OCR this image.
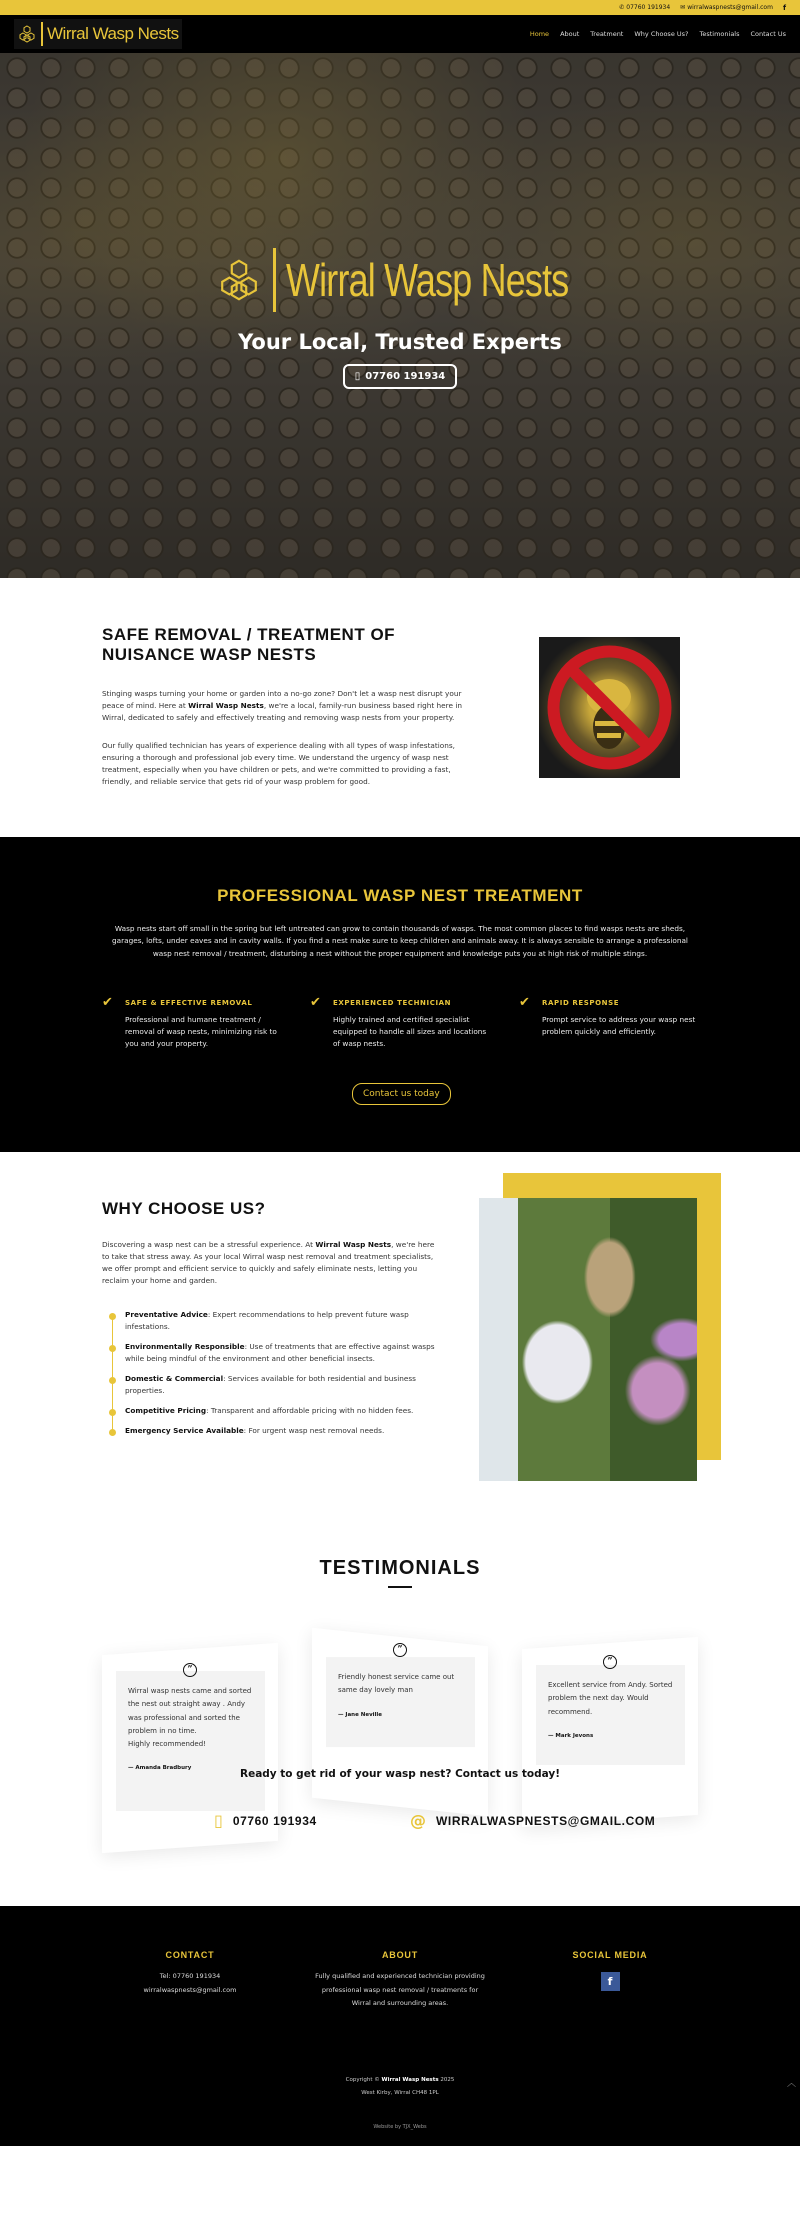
✆ 07760 191934 ✉ wirralwaspnests@gmail.com f
Wirral Wasp Nests	Home About Treatment Why Choose Us? Testimonials Contact Us
Wirral Wasp Nests
Your Local, Trusted Experts
▯ 07760 191934
SAFE REMOVAL / TREATMENT OF NUISANCE WASP NESTS

Stinging wasps turning your home or garden into a no-go zone? Don't let a wasp nest disrupt your peace of mind. Here at Wirral Wasp Nests, we're a local, family-run business based right here in Wirral, dedicated to safely and effectively treating and removing wasp nests from your property.

Our fully qualified technician has years of experience dealing with all types of wasp infestations, ensuring a thorough and professional job every time. We understand the urgency of wasp nest treatment, especially when you have children or pets, and we're committed to providing a fast, friendly, and reliable service that gets rid of your wasp problem for good.

PROFESSIONAL WASP NEST TREATMENT

Wasp nests start off small in the spring but left untreated can grow to contain thousands of wasps. The most common places to find wasps nests are sheds, garages, lofts, under eaves and in cavity walls. If you find a nest make sure to keep children and animals away. It is always sensible to arrange a professional wasp nest removal / treatment, disturbing a nest without the proper equipment and knowledge puts you at high risk of multiple stings.

✔	SAFE & EFFECTIVE REMOVAL
Professional and humane treatment / removal of wasp nests, minimizing risk to you and your property.
✔	EXPERIENCED TECHNICIAN
Highly trained and certified specialist equipped to handle all sizes and locations of wasp nests.
✔	RAPID RESPONSE
Prompt service to address your wasp nest problem quickly and efficiently.
Contact us today
WHY CHOOSE US?

Discovering a wasp nest can be a stressful experience. At Wirral Wasp Nests, we're here to take that stress away. As your local Wirral wasp nest removal and treatment specialists, we offer prompt and efficient service to quickly and safely eliminate nests, letting you reclaim your home and garden.

Preventative Advice: Expert recommendations to help prevent future wasp infestations.
Environmentally Responsible: Use of treatments that are effective against wasps while being mindful of the environment and other beneficial insects.
Domestic & Commercial: Services available for both residential and business properties.
Competitive Pricing: Transparent and affordable pricing with no hidden fees.
Emergency Service Available: For urgent wasp nest removal needs.
TESTIMONIALS
Wirral wasp nests came and sorted the nest out straight away . Andy was professional and sorted the problem in no time.
Highly recommended!
— Amanda Bradbury
”
Friendly honest service came out same day lovely man
— Jane Neville
”
Excellent service from Andy. Sorted problem the next day. Would recommend.
— Mark Jevons
”
Ready to get rid of your wasp nest? Contact us today!
▯ 07760 191934	@ WIRRALWASPNESTS@GMAIL.COM
CONTACT
Tel: 07760 191934
wirralwaspnests@gmail.com
ABOUT
Fully qualified and experienced technician providing professional wasp nest removal / treatments for Wirral and surrounding areas.
SOCIAL MEDIA
f
Copyright © Wirral Wasp Nests 2025
West Kirby, Wirral CH48 1PL
Website by TJX_Webs
︿
